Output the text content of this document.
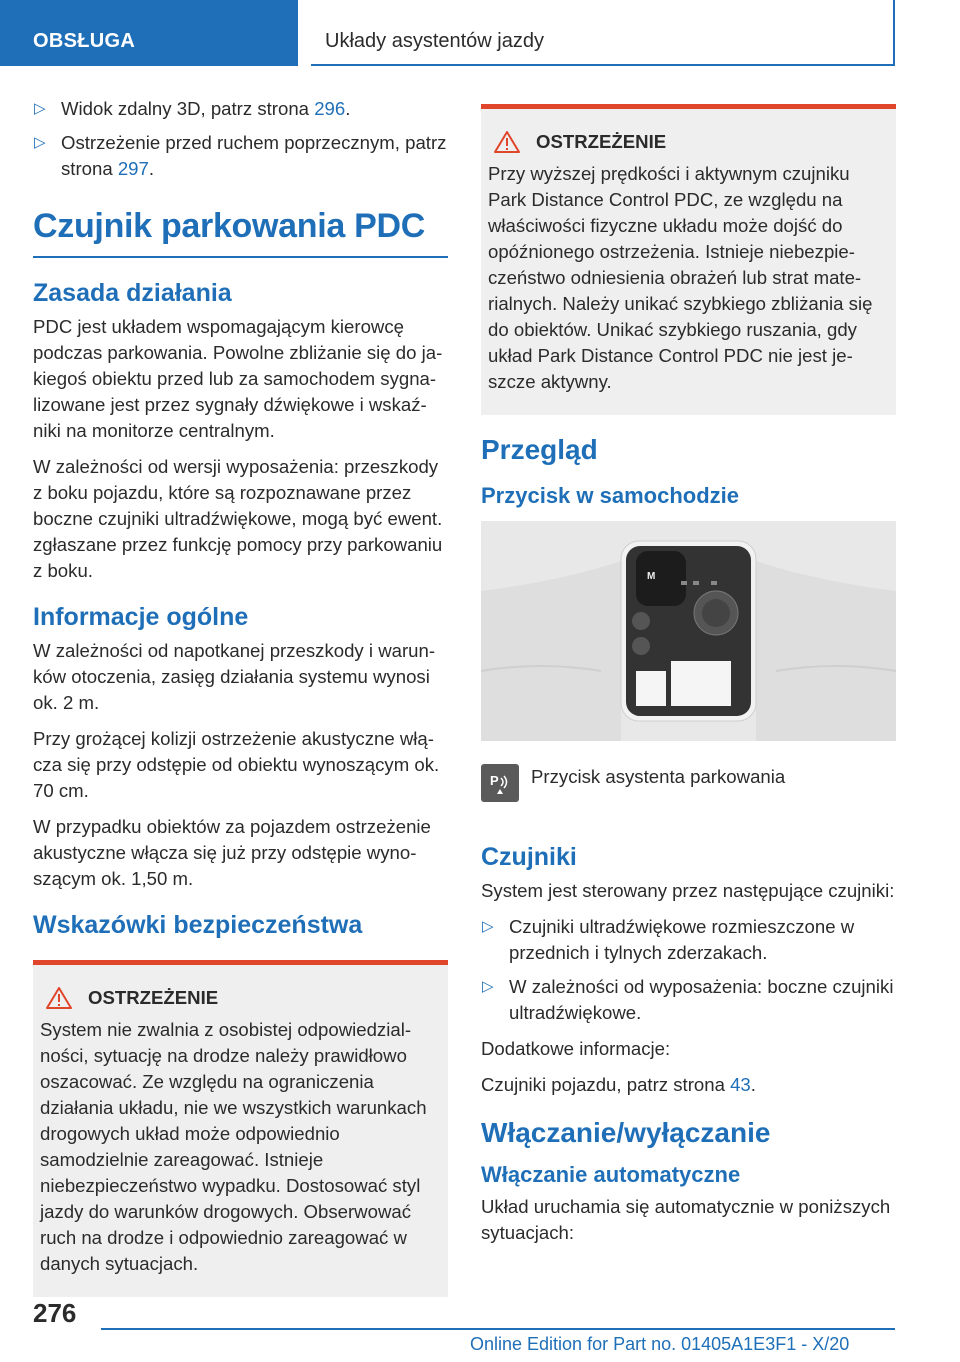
OBSŁUGA	Układy asystentów jazdy
▷ Widok zdalny 3D, patrz strona 296.
▷ Ostrzeżenie przed ruchem poprzecznym, patrz strona 297.
Czujnik parkowania PDC
Zasada działania

PDC jest układem wspomagającym kierowcę podczas parkowania. Powolne zbliżanie się do jakiegoś obiektu przed lub za samochodem sygnalizowane jest przez sygnały dźwiękowe i wskaźniki na monitorze centralnym.

W zależności od wersji wyposażenia: przeszkody z boku pojazdu, które są rozpoznawane przez boczne czujniki ultradźwiękowe, mogą być ewent. zgłaszane przez funkcję pomocy przy parkowaniu z boku.

Informacje ogólne

W zależności od napotkanej przeszkody i warunków otoczenia, zasięg działania systemu wynosi ok. 2 m.

Przy grożącej kolizji ostrzeżenie akustyczne włącza się przy odstępie od obiektu wynoszącym ok. 70 cm.

W przypadku obiektów za pojazdem ostrzeżenie akustyczne włącza się już przy odstępie wynoszącym ok. 1,50 m.

Wskazówki bezpieczeństwa
OSTRZEŻENIE

System nie zwalnia z osobistej odpowiedzialności, sytuację na drodze należy prawidłowo oszacować. Ze względu na ograniczenia działania układu, nie we wszystkich warunkach drogowych układ może odpowiednio samodzielnie zareagować. Istnieje niebezpieczeństwo wypadku. Dostosować styl jazdy do warunków drogowych. Obserwować ruch na drodze i odpowiednio zareagować w danych sytuacjach.

OSTRZEŻENIE

Przy wyższej prędkości i aktywnym czujniku Park Distance Control PDC, ze względu na właściwości fizyczne układu może dojść do opóźnionego ostrzeżenia. Istnieje niebezpieczeństwo odniesienia obrażeń lub strat materialnych. Należy unikać szybkiego zbliżania się do obiektów. Unikać szybkiego ruszania, gdy układ Park Distance Control PDC nie jest jeszcze aktywny.

Przegląd
Przycisk w samochodzie
M
P Przycisk asystenta parkowania
Czujniki

System jest sterowany przez następujące czujniki:

▷ Czujniki ultradźwiękowe rozmieszczone w przednich i tylnych zderzakach.
▷ W zależności od wyposażenia: boczne czujniki ultradźwiękowe.

Dodatkowe informacje:

Czujniki pojazdu, patrz strona 43.

Włączanie/wyłączanie
Włączanie automatyczne

Układ uruchamia się automatycznie w poniższych sytuacjach:

276
Online Edition for Part no. 01405A1E3F1 - X/20
